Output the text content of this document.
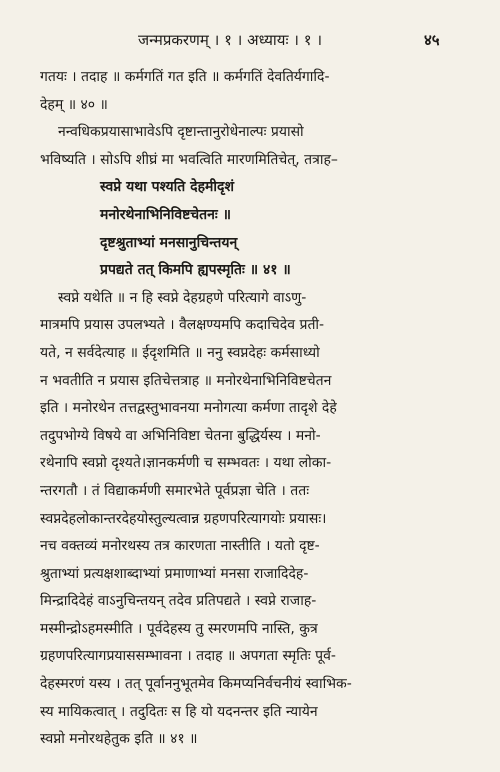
जन्मप्रकरणम् । १ । अध्यायः । १ ।	४५
गतयः । तदाह ॥ कर्मगतिं गत इति ॥ कर्मगतिं देवतिर्यगादि-
देहम् ॥ ४० ॥
नन्वधिकप्रयासाभावेऽपि दृष्टान्तानुरोधेनाल्पः प्रयासो
भविष्यति । सोऽपि शीघ्रं मा भवत्विति मारणमितिचेत्, तत्राह–
स्वप्ने यथा पश्यति देहमीदृशं
मनोरथेनाभिनिविष्टचेतनः ॥
दृष्टश्रुताभ्यां मनसानुचिन्तयन्
प्रपद्यते तत् किमपि ह्यपस्मृतिः ॥ ४१ ॥
स्वप्ने यथेति ॥ न हि स्वप्ने देहग्रहणे परित्यागे वाऽणु-
मात्रमपि प्रयास उपलभ्यते । वैलक्षण्यमपि कदाचिदेव प्रती-
यते, न सर्वदेत्याह ॥ ईदृशमिति ॥ ननु स्वप्नदेहः कर्मसाध्यो
न भवतीति न प्रयास इतिचेत्तत्राह ॥ मनोरथेनाभिनिविष्टचेतन
इति । मनोरथेन तत्तद्वस्तुभावनया मनोगत्या कर्मणा तादृशे देहे
तदुपभोग्ये विषये वा अभिनिविष्टा चेतना बुद्धिर्यस्य । मनो-
रथेनापि स्वप्नो दृश्यते।ज्ञानकर्मणी च सम्भवतः । यथा लोका-
न्तरगतौ । तं विद्याकर्मणी समारभेते पूर्वप्रज्ञा चेति । ततः
स्वप्नदेहलोकान्तरदेहयोस्तुल्यत्वान्न ग्रहणपरित्यागयोः प्रयासः।
नच वक्तव्यं मनोरथस्य तत्र कारणता नास्तीति । यतो दृष्ट-
श्रुताभ्यां प्रत्यक्षशाब्दाभ्यां प्रमाणाभ्यां मनसा राजादिदेह-
मिन्द्रादिदेहं वाऽनुचिन्तयन् तदेव प्रतिपद्यते । स्वप्ने राजाह-
मस्मीन्द्रोऽहमस्मीति । पूर्वदेहस्य तु स्मरणमपि नास्ति, कुत्र
ग्रहणपरित्यागप्रयाससम्भावना । तदाह ॥ अपगता स्मृतिः पूर्व-
देहस्मरणं यस्य । तत् पूर्वाननुभूतमेव किमप्यनिर्वचनीयं स्वाभिक-
स्य मायिकत्वात् । तदुदितः स हि यो यदनन्तर इति न्यायेन
स्वप्नो मनोरथहेतुक इति ॥ ४१ ॥
